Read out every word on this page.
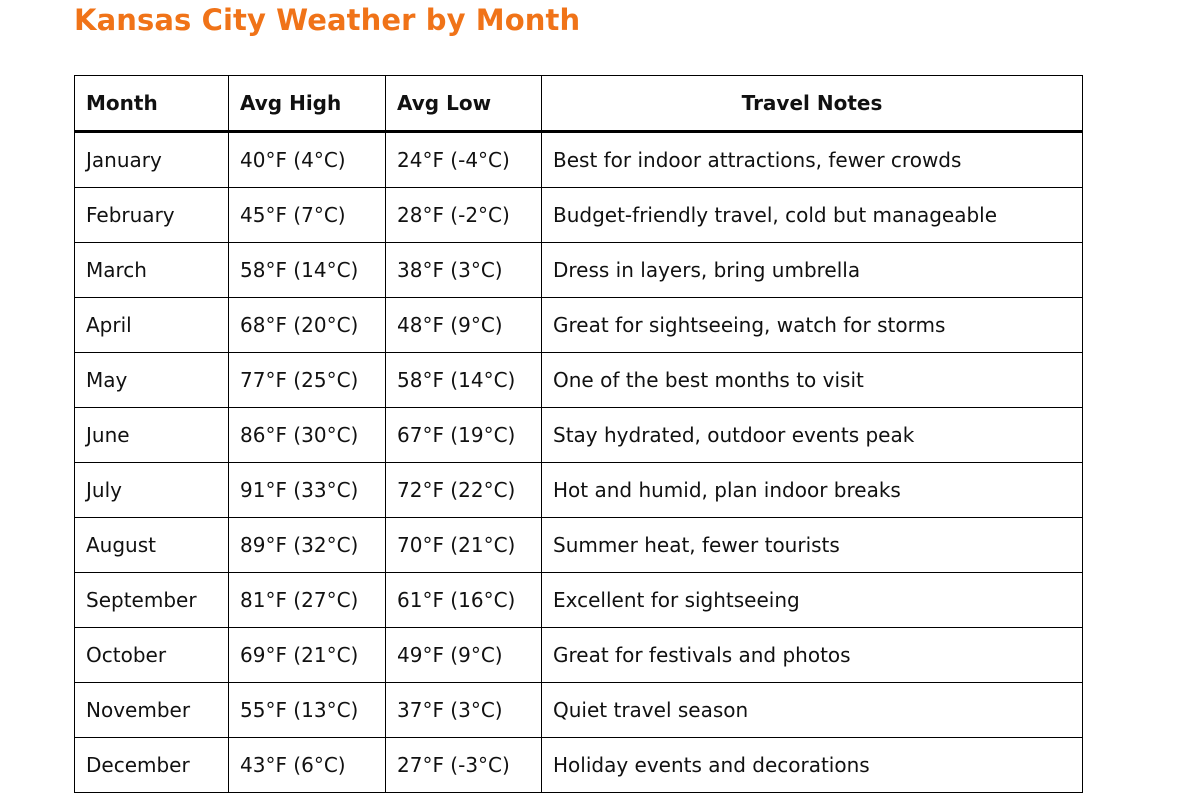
Kansas City Weather by Month
Month	Avg High	Avg Low	Travel Notes
January	40°F (4°C)	24°F (-4°C)	Best for indoor attractions, fewer crowds
February	45°F (7°C)	28°F (-2°C)	Budget-friendly travel, cold but manageable
March	58°F (14°C)	38°F (3°C)	Dress in layers, bring umbrella
April	68°F (20°C)	48°F (9°C)	Great for sightseeing, watch for storms
May	77°F (25°C)	58°F (14°C)	One of the best months to visit
June	86°F (30°C)	67°F (19°C)	Stay hydrated, outdoor events peak
July	91°F (33°C)	72°F (22°C)	Hot and humid, plan indoor breaks
August	89°F (32°C)	70°F (21°C)	Summer heat, fewer tourists
September	81°F (27°C)	61°F (16°C)	Excellent for sightseeing
October	69°F (21°C)	49°F (9°C)	Great for festivals and photos
November	55°F (13°C)	37°F (3°C)	Quiet travel season
December	43°F (6°C)	27°F (-3°C)	Holiday events and decorations
